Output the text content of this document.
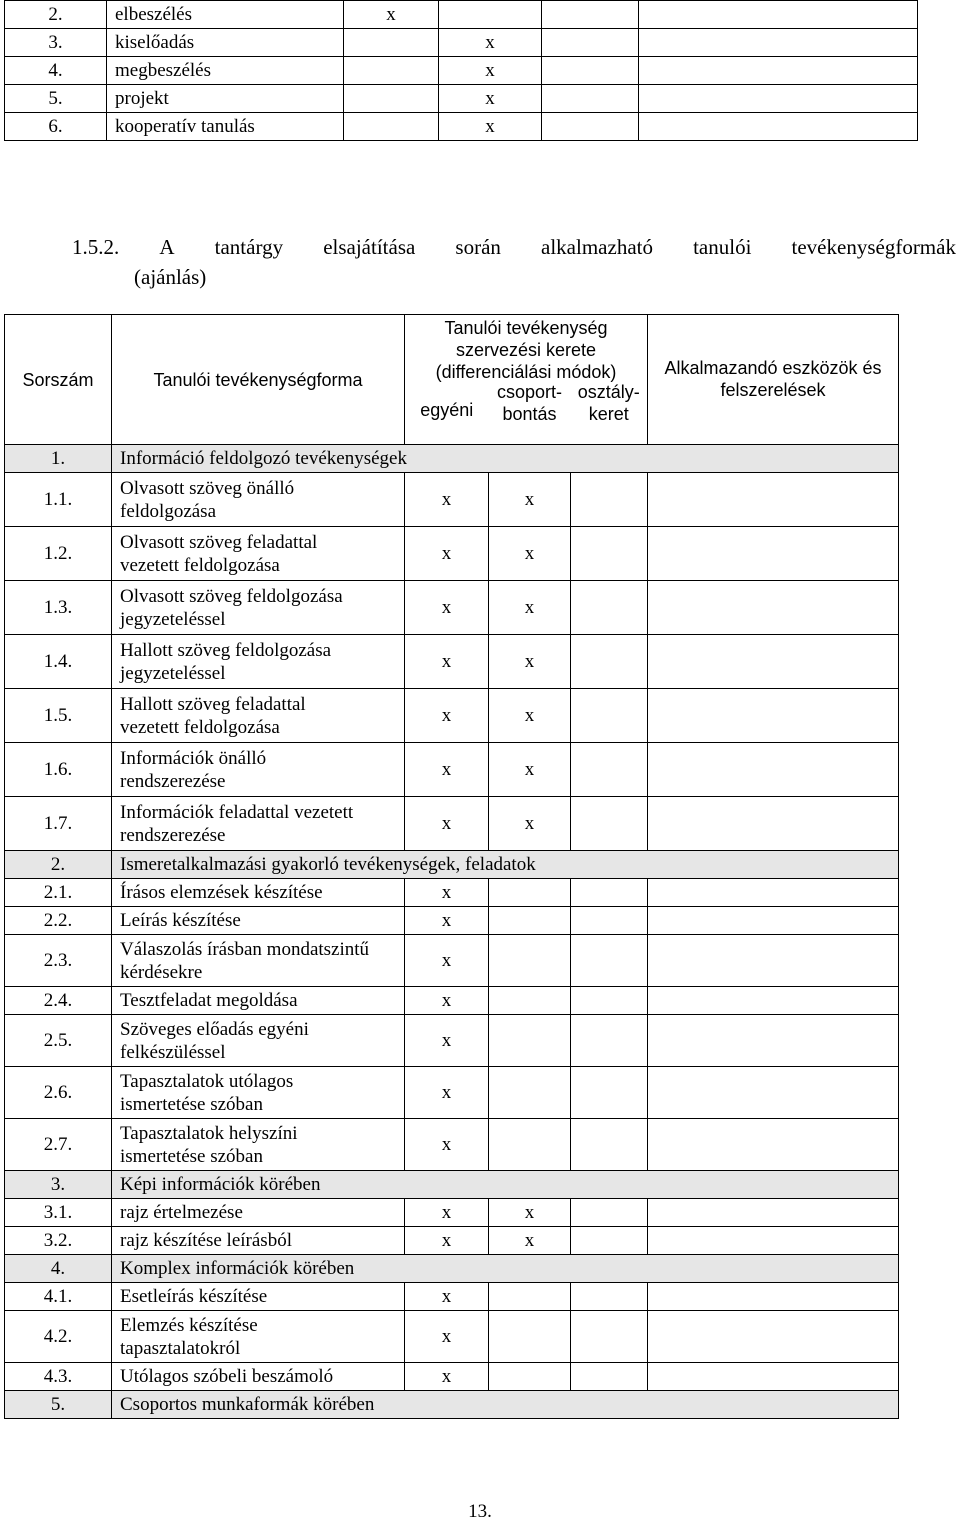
2.	elbeszélés	x			
3.	kiselőadás		x		
4.	megbeszélés		x		
5.	projekt		x		
6.	kooperatív tanulás		x		
1.5.2. A tantárgy elsajátítása során alkalmazható tanulói tevékenységformák
(ajánlás)
Sorszám	Tanulói tevékenységforma	Tanulói tevékenység szervezési kerete (differenciálási módok)			Alkalmazandó eszközök és felszerelések
		egyéni	csoport-bontás	osztály-keret	
1.	Információ feldolgozó tevékenységek				
1.1.	Olvasott szöveg önálló feldolgozása	x	x		
1.2.	Olvasott szöveg feladattal vezetett feldolgozása	x	x		
1.3.	Olvasott szöveg feldolgozása jegyzeteléssel	x	x		
1.4.	Hallott szöveg feldolgozása jegyzeteléssel	x	x		
1.5.	Hallott szöveg feladattal vezetett feldolgozása	x	x		
1.6.	Információk önálló rendszerezése	x	x		
1.7.	Információk feladattal vezetett rendszerezése	x	x		
2.	Ismeretalkalmazási gyakorló tevékenységek, feladatok				
2.1.	Írásos elemzések készítése	x			
2.2.	Leírás készítése	x			
2.3.	Válaszolás írásban mondatszintű kérdésekre	x			
2.4.	Tesztfeladat megoldása	x			
2.5.	Szöveges előadás egyéni felkészüléssel	x			
2.6.	Tapasztalatok utólagos ismertetése szóban	x			
2.7.	Tapasztalatok helyszíni ismertetése szóban	x			
3.	Képi információk körében				
3.1.	rajz értelmezése	x	x		
3.2.	rajz készítése leírásból	x	x		
4.	Komplex információk körében				
4.1.	Esetleírás készítése	x			
4.2.	Elemzés készítése tapasztalatokról	x			
4.3.	Utólagos szóbeli beszámoló	x			
5.	Csoportos munkaformák körében				
13.
